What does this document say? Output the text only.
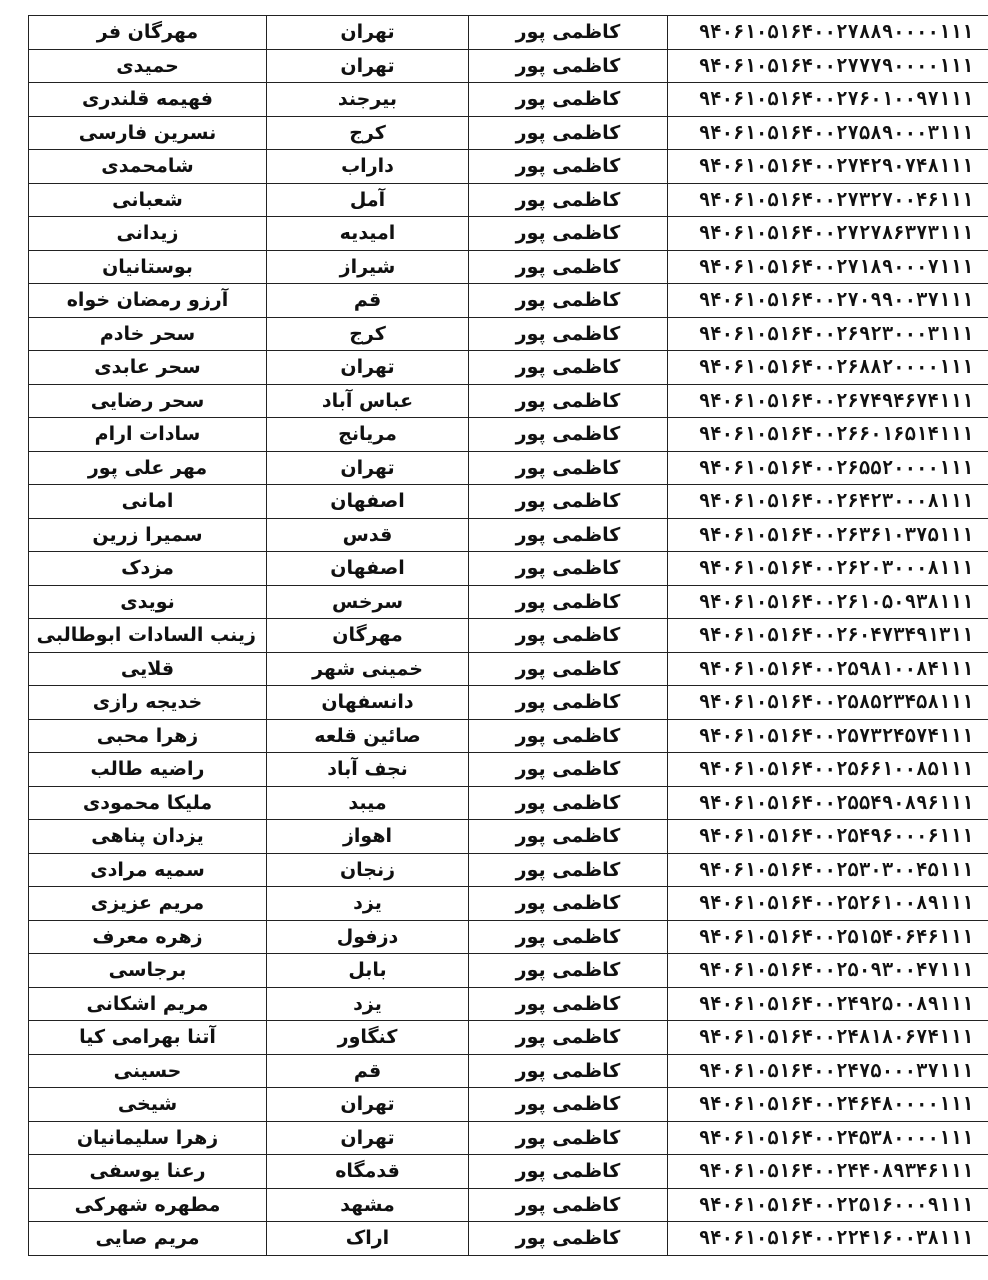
مهرگان فر	تهران	کاظمی پور	۹۴۰۶۱۰۵۱۶۴۰۰۲۷۸۸۹۰۰۰۰۱۱۱
حمیدی	تهران	کاظمی پور	۹۴۰۶۱۰۵۱۶۴۰۰۲۷۷۷۹۰۰۰۰۱۱۱
فهیمه قلندری	بیرجند	کاظمی پور	۹۴۰۶۱۰۵۱۶۴۰۰۲۷۶۰۱۰۰۹۷۱۱۱
نسرین فارسی	کرج	کاظمی پور	۹۴۰۶۱۰۵۱۶۴۰۰۲۷۵۸۹۰۰۰۳۱۱۱
شامحمدی	داراب	کاظمی پور	۹۴۰۶۱۰۵۱۶۴۰۰۲۷۴۲۹۰۷۴۸۱۱۱
شعبانی	آمل	کاظمی پور	۹۴۰۶۱۰۵۱۶۴۰۰۲۷۳۲۷۰۰۴۶۱۱۱
زیدانی	امیدیه	کاظمی پور	۹۴۰۶۱۰۵۱۶۴۰۰۲۷۲۷۸۶۳۷۳۱۱۱
بوستانیان	شیراز	کاظمی پور	۹۴۰۶۱۰۵۱۶۴۰۰۲۷۱۸۹۰۰۰۷۱۱۱
آرزو رمضان خواه	قم	کاظمی پور	۹۴۰۶۱۰۵۱۶۴۰۰۲۷۰۹۹۰۰۳۷۱۱۱
سحر خادم	کرج	کاظمی پور	۹۴۰۶۱۰۵۱۶۴۰۰۲۶۹۲۳۰۰۰۳۱۱۱
سحر عابدی	تهران	کاظمی پور	۹۴۰۶۱۰۵۱۶۴۰۰۲۶۸۸۲۰۰۰۰۱۱۱
سحر رضایی	عباس آباد	کاظمی پور	۹۴۰۶۱۰۵۱۶۴۰۰۲۶۷۴۹۴۶۷۴۱۱۱
سادات ارام	مریانج	کاظمی پور	۹۴۰۶۱۰۵۱۶۴۰۰۲۶۶۰۱۶۵۱۴۱۱۱
مهر علی پور	تهران	کاظمی پور	۹۴۰۶۱۰۵۱۶۴۰۰۲۶۵۵۲۰۰۰۰۱۱۱
امانی	اصفهان	کاظمی پور	۹۴۰۶۱۰۵۱۶۴۰۰۲۶۴۲۳۰۰۰۸۱۱۱
سمیرا زرین	قدس	کاظمی پور	۹۴۰۶۱۰۵۱۶۴۰۰۲۶۳۶۱۰۳۷۵۱۱۱
مزدک	اصفهان	کاظمی پور	۹۴۰۶۱۰۵۱۶۴۰۰۲۶۲۰۳۰۰۰۸۱۱۱
نویدی	سرخس	کاظمی پور	۹۴۰۶۱۰۵۱۶۴۰۰۲۶۱۰۵۰۹۳۸۱۱۱
زینب السادات ابوطالبی	مهرگان	کاظمی پور	۹۴۰۶۱۰۵۱۶۴۰۰۲۶۰۴۷۳۴۹۱۳۱۱
قلایی	خمینی شهر	کاظمی پور	۹۴۰۶۱۰۵۱۶۴۰۰۲۵۹۸۱۰۰۸۴۱۱۱
خدیجه رازی	دانسفهان	کاظمی پور	۹۴۰۶۱۰۵۱۶۴۰۰۲۵۸۵۲۳۴۵۸۱۱۱
زهرا محبی	صائین قلعه	کاظمی پور	۹۴۰۶۱۰۵۱۶۴۰۰۲۵۷۳۲۴۵۷۴۱۱۱
راضیه طالب	نجف آباد	کاظمی پور	۹۴۰۶۱۰۵۱۶۴۰۰۲۵۶۶۱۰۰۸۵۱۱۱
ملیکا محمودی	میبد	کاظمی پور	۹۴۰۶۱۰۵۱۶۴۰۰۲۵۵۴۹۰۸۹۶۱۱۱
یزدان پناهی	اهواز	کاظمی پور	۹۴۰۶۱۰۵۱۶۴۰۰۲۵۴۹۶۰۰۰۶۱۱۱
سمیه مرادی	زنجان	کاظمی پور	۹۴۰۶۱۰۵۱۶۴۰۰۲۵۳۰۳۰۰۴۵۱۱۱
مریم عزیزی	یزد	کاظمی پور	۹۴۰۶۱۰۵۱۶۴۰۰۲۵۲۶۱۰۰۸۹۱۱۱
زهره معرف	دزفول	کاظمی پور	۹۴۰۶۱۰۵۱۶۴۰۰۲۵۱۵۴۰۶۴۶۱۱۱
برجاسی	بابل	کاظمی پور	۹۴۰۶۱۰۵۱۶۴۰۰۲۵۰۹۳۰۰۴۷۱۱۱
مریم اشکانی	یزد	کاظمی پور	۹۴۰۶۱۰۵۱۶۴۰۰۲۴۹۲۵۰۰۸۹۱۱۱
آتنا بهرامی کیا	کنگاور	کاظمی پور	۹۴۰۶۱۰۵۱۶۴۰۰۲۴۸۱۸۰۶۷۴۱۱۱
حسینی	قم	کاظمی پور	۹۴۰۶۱۰۵۱۶۴۰۰۲۴۷۵۰۰۰۳۷۱۱۱
شیخی	تهران	کاظمی پور	۹۴۰۶۱۰۵۱۶۴۰۰۲۴۶۴۸۰۰۰۰۱۱۱
زهرا سلیمانیان	تهران	کاظمی پور	۹۴۰۶۱۰۵۱۶۴۰۰۲۴۵۳۸۰۰۰۰۱۱۱
رعنا یوسفی	قدمگاه	کاظمی پور	۹۴۰۶۱۰۵۱۶۴۰۰۲۴۴۰۸۹۳۴۶۱۱۱
مطهره شهرکی	مشهد	کاظمی پور	۹۴۰۶۱۰۵۱۶۴۰۰۲۲۵۱۶۰۰۰۹۱۱۱
مریم صایی	اراک	کاظمی پور	۹۴۰۶۱۰۵۱۶۴۰۰۲۲۴۱۶۰۰۳۸۱۱۱
